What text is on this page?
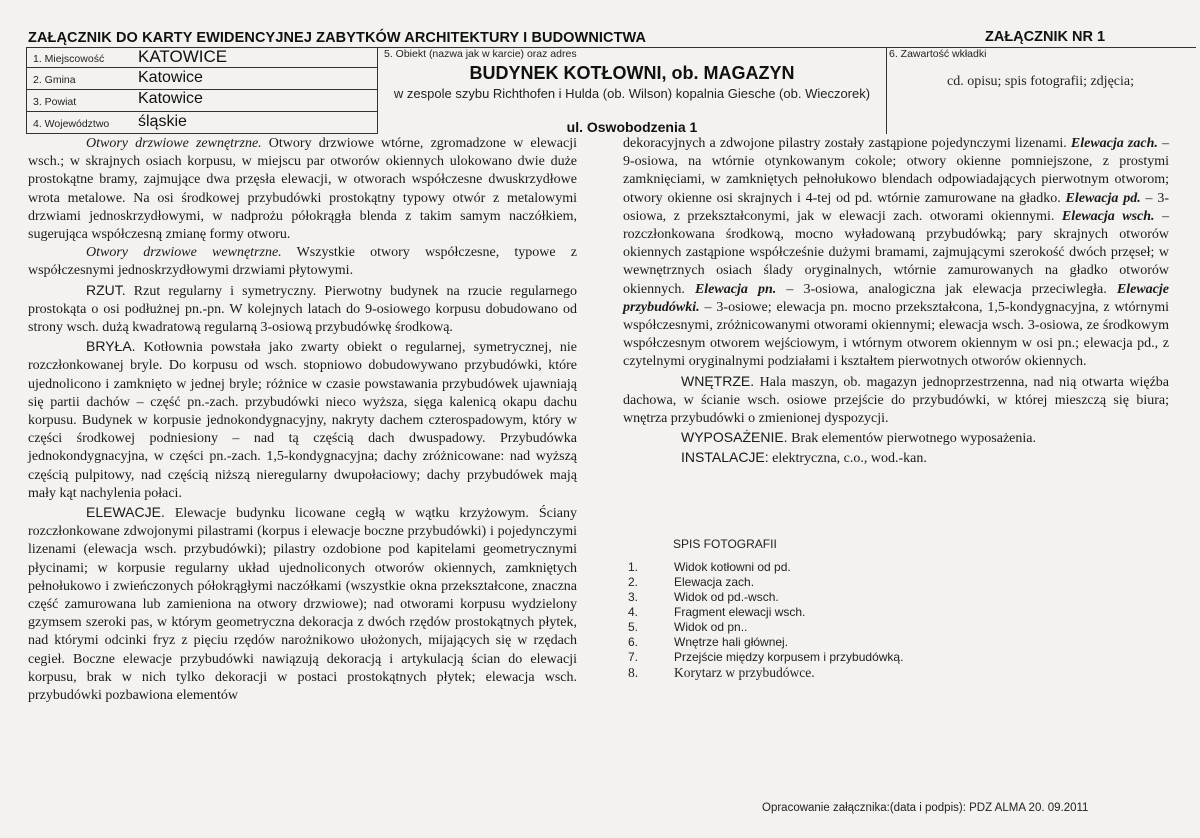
ZAŁĄCZNIK DO KARTY EWIDENCYJNEJ ZABYTKÓW ARCHITEKTURY I BUDOWNICTWA	ZAŁĄCZNIK NR 1
1. Miejscowość KATOWICE
2. Gmina	Katowice
3. Powiat	Katowice
4. Województwo śląskie
5. Obiekt (nazwa jak w karcie) oraz adres
BUDYNEK KOTŁOWNI, ob. MAGAZYN
w zespole szybu Richthofen i Hulda (ob. Wilson) kopalnia Giesche (ob. Wieczorek)
ul. Oswobodzenia 1
6. Zawartość wkładki
cd. opisu; spis fotografii; zdjęcia;

Otwory drzwiowe zewnętrzne. Otwory drzwiowe wtórne, zgromadzone w elewacji wsch.; w skrajnych osiach korpusu, w miejscu par otworów okiennych ulokowano dwie duże prostokątne bramy, zajmujące dwa przęsła elewacji, w otworach współczesne dwuskrzydłowe wrota metalowe. Na osi środkowej przybudówki prostokątny typowy otwór z metalowymi drzwiami jednoskrzydłowymi, w nadprożu półokrągła blenda z takim samym naczółkiem, sugerująca współczesną zmianę formy otworu.

Otwory drzwiowe wewnętrzne. Wszystkie otwory współczesne, typowe z współczesnymi jednoskrzydłowymi drzwiami płytowymi.

RZUT. Rzut regularny i symetryczny. Pierwotny budynek na rzucie regularnego prostokąta o osi podłużnej pn.-pn. W kolejnych latach do 9-osiowego korpusu dobudowano od strony wsch. dużą kwadratową regularną 3-osiową przybudówkę środkową.

BRYŁA. Kotłownia powstała jako zwarty obiekt o regularnej, symetrycznej, nie rozczłonkowanej bryle. Do korpusu od wsch. stopniowo dobudowywano przybudówki, które ujednolicono i zamknięto w jednej bryle; różnice w czasie powstawania przybudówek ujawniają się partii dachów – część pn.-zach. przybudówki nieco wyższa, sięga kalenicą okapu dachu korpusu. Budynek w korpusie jednokondygnacyjny, nakryty dachem czterospadowym, który w części środkowej podniesiony – nad tą częścią dach dwuspadowy. Przybudówka jednokondygnacyjna, w części pn.-zach. 1,5-kondygnacyjna; dachy zróżnicowane: nad wyższą częścią pulpitowy, nad częścią niższą nieregularny dwupołaciowy; dachy przybudówek mają mały kąt nachylenia połaci.

ELEWACJE. Elewacje budynku licowane cegłą w wątku krzyżowym. Ściany rozczłonkowane zdwojonymi pilastrami (korpus i elewacje boczne przybudówki) i pojedynczymi lizenami (elewacja wsch. przybudówki); pilastry ozdobione pod kapitelami geometrycznymi płycinami; w korpusie regularny układ ujednoliconych otworów okiennych, zamkniętych pełnołukowo i zwieńczonych półokrągłymi naczółkami (wszystkie okna przekształcone, znaczna część zamurowana lub zamieniona na otwory drzwiowe); nad otworami korpusu wydzielony gzymsem szeroki pas, w którym geometryczna dekoracja z dwóch rzędów prostokątnych płytek, nad którymi odcinki fryz z pięciu rzędów narożnikowo ułożonych, mijających się w rzędach cegieł. Boczne elewacje przybudówki nawiązują dekoracją i artykulacją ścian do elewacji korpusu, brak w nich tylko dekoracji w postaci prostokątnych płytek; elewacja wsch. przybudówki pozbawiona elementów

dekoracyjnych a zdwojone pilastry zostały zastąpione pojedynczymi lizenami. Elewacja zach. – 9-osiowa, na wtórnie otynkowanym cokole; otwory okienne pomniejszone, z prostymi zamknięciami, w zamkniętych pełnołukowo blendach odpowiadających pierwotnym otworom; otwory okienne osi skrajnych i 4-tej od pd. wtórnie zamurowane na gładko. Elewacja pd. – 3-osiowa, z przekształconymi, jak w elewacji zach. otworami okiennymi. Elewacja wsch. – rozczłonkowana środkową, mocno wyładowaną przybudówką; pary skrajnych otworów okiennych zastąpione współcześnie dużymi bramami, zajmującymi szerokość dwóch przęseł; w wewnętrznych osiach ślady oryginalnych, wtórnie zamurowanych na gładko otworów okiennych. Elewacja pn. – 3-osiowa, analogiczna jak elewacja przeciwległa. Elewacje przybudówki. – 3-osiowe; elewacja pn. mocno przekształcona, 1,5-kondygnacyjna, z wtórnymi współczesnymi, zróżnicowanymi otworami okiennymi; elewacja wsch. 3-osiowa, ze środkowym współczesnym otworem wejściowym, i wtórnym otworem okiennym w osi pn.; elewacja pd., z czytelnymi oryginalnymi podziałami i kształtem pierwotnych otworów okiennych.

WNĘTRZE. Hala maszyn, ob. magazyn jednoprzestrzenna, nad nią otwarta więźba dachowa, w ścianie wsch. osiowe przejście do przybudówki, w której mieszczą się biura; wnętrza przybudówki o zmienionej dyspozycji.

WYPOSAŻENIE. Brak elementów pierwotnego wyposażenia.

INSTALACJE: elektryczna, c.o., wod.-kan.

SPIS FOTOGRAFII
1.	Widok kotłowni od pd.
2.	Elewacja zach.
3.	Widok od pd.-wsch.
4.	Fragment elewacji wsch.
5.	Widok od pn..
6.	Wnętrze hali głównej.
7.	Przejście między korpusem i przybudówką.
8.	Korytarz w przybudówce.
Opracowanie załącznika:(data i podpis): PDZ ALMA 20. 09.2011
